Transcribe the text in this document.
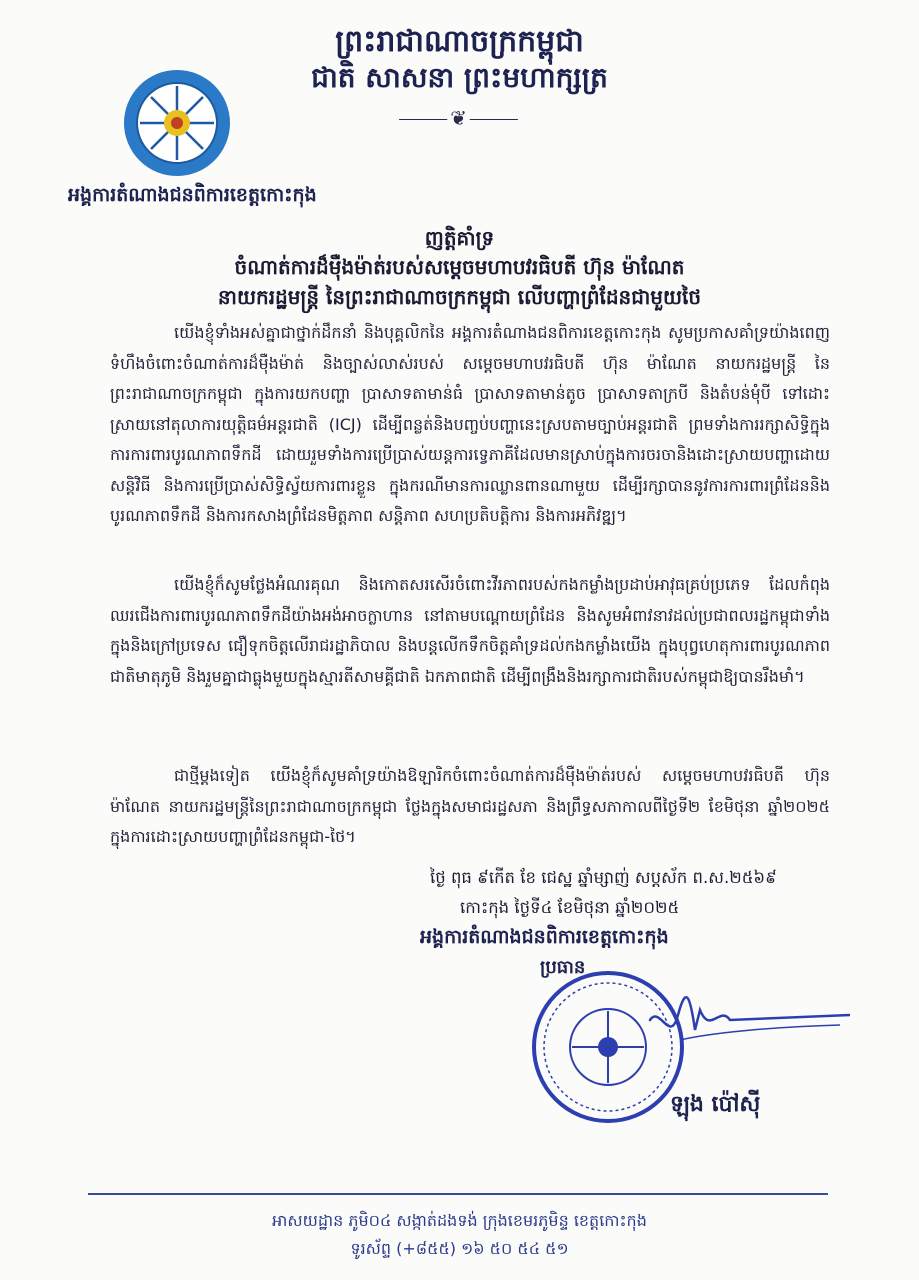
ព្រះរាជាណាចក្រកម្ពុជា
ជាតិ សាសនា ព្រះមហាក្សត្រ
⸻❦⸻
អង្គការតំណាងជនពិការខេត្តកោះកុង
ញត្តិគាំទ្រ
ចំណាត់ការដ៏ម៉ឺងម៉ាត់របស់សម្តេចមហាបវរធិបតី ហ៊ុន ម៉ាណែត
នាយករដ្ឋមន្ត្រី នៃព្រះរាជាណាចក្រកម្ពុជា លើបញ្ហាព្រំដែនជាមួយថៃ

យើងខ្ញុំទាំងអស់គ្នាជាថ្នាក់ដឹកនាំ និងបុគ្គលិកនៃ អង្គការតំណាងជនពិការខេត្តកោះកុង សូមប្រកាសគាំទ្រយ៉ាងពេញទំហឹងចំពោះចំណាត់ការដ៏ម៉ឺងម៉ាត់ និងច្បាស់លាស់របស់ សម្តេចមហាបវរធិបតី ហ៊ុន ម៉ាណែត នាយករដ្ឋមន្ត្រី នៃព្រះរាជាណាចក្រកម្ពុជា ក្នុងការយកបញ្ហា ប្រាសាទតាមាន់ធំ ប្រាសាទតាមាន់តូច ប្រាសាទតាក្របី និងតំបន់មុំបី ទៅដោះស្រាយនៅតុលាការយុត្តិធម៌អន្តរជាតិ (ICJ) ដើម្បីពន្លត់និងបញ្ចប់បញ្ហានេះស្របតាមច្បាប់អន្តរជាតិ ព្រមទាំងការរក្សាសិទ្ធិក្នុងការការពារបូរណភាពទឹកដី ដោយរួមទាំងការប្រើប្រាស់យន្តការទ្វេភាគីដែលមានស្រាប់ក្នុងការចរចានិងដោះស្រាយបញ្ហាដោយសន្តិវិធី និងការប្រើប្រាស់សិទ្ធិស្វ័យការពារខ្លួន ក្នុងករណីមានការឈ្លានពានណាមួយ ដើម្បីរក្សាបាននូវការការពារព្រំដែននិងបូរណភាពទឹកដី និងការកសាងព្រំដែនមិត្តភាព សន្តិភាព សហប្រតិបត្តិការ និងការអភិវឌ្ឍ។

យើងខ្ញុំក៏សូមថ្លែងអំណរគុណ និងកោតសរសើរចំពោះវីរភាពរបស់កងកម្លាំងប្រដាប់អាវុធគ្រប់ប្រភេទ ដែលកំពុងឈរជើងការពារបូរណភាពទឹកដីយ៉ាងអង់អាចក្លាហាន នៅតាមបណ្តោយព្រំដែន និងសូមអំពាវនាវដល់ប្រជាពលរដ្ឋកម្ពុជាទាំងក្នុងនិងក្រៅប្រទេស ជឿទុកចិត្តលើរាជរដ្ឋាភិបាល និងបន្តលើកទឹកចិត្តគាំទ្រដល់កងកម្លាំងយើង ក្នុងបុព្វហេតុការពារបូរណភាពជាតិមាតុភូមិ និងរួមគ្នាជាធ្លុងមួយក្នុងស្មារតីសាមគ្គីជាតិ ឯកភាពជាតិ ដើម្បីពង្រឹងនិងរក្សាការជាតិរបស់កម្ពុជាឱ្យបានរឹងមាំ។

ជាថ្មីម្តងទៀត យើងខ្ញុំក៏សូមគាំទ្រយ៉ាងឱឡារិកចំពោះចំណាត់ការដ៏ម៉ឺងម៉ាត់របស់ សម្តេចមហាបវរធិបតី ហ៊ុន ម៉ាណែត នាយករដ្ឋមន្ត្រីនៃព្រះរាជាណាចក្រកម្ពុជា ថ្លែងក្នុងសមាជរដ្ឋសភា និងព្រឹទ្ធសភាកាលពីថ្ងៃទី២ ខែមិថុនា ឆ្នាំ២០២៥ ក្នុងការដោះស្រាយបញ្ហាព្រំដែនកម្ពុជា-ថៃ។

ថ្ងៃ ពុធ ៩កើត ខែ ជេស្ឋ ឆ្នាំម្សាញ់ សប្តស័ក ព.ស.២៥៦៩
កោះកុង ថ្ងៃទី៤ ខែមិថុនា ឆ្នាំ២០២៥
អង្គការតំណាងជនពិការខេត្តកោះកុង
ប្រធាន
ឡុង ប៉ៅស៊ី
អាសយដ្ឋាន ភូមិ០៤ សង្កាត់ដងទង់ ក្រុងខេមរភូមិន្ទ ខេត្តកោះកុង
ទូរស័ព្ទ (+៨៥៥) ១៦ ៥០ ៥៤ ៥១
